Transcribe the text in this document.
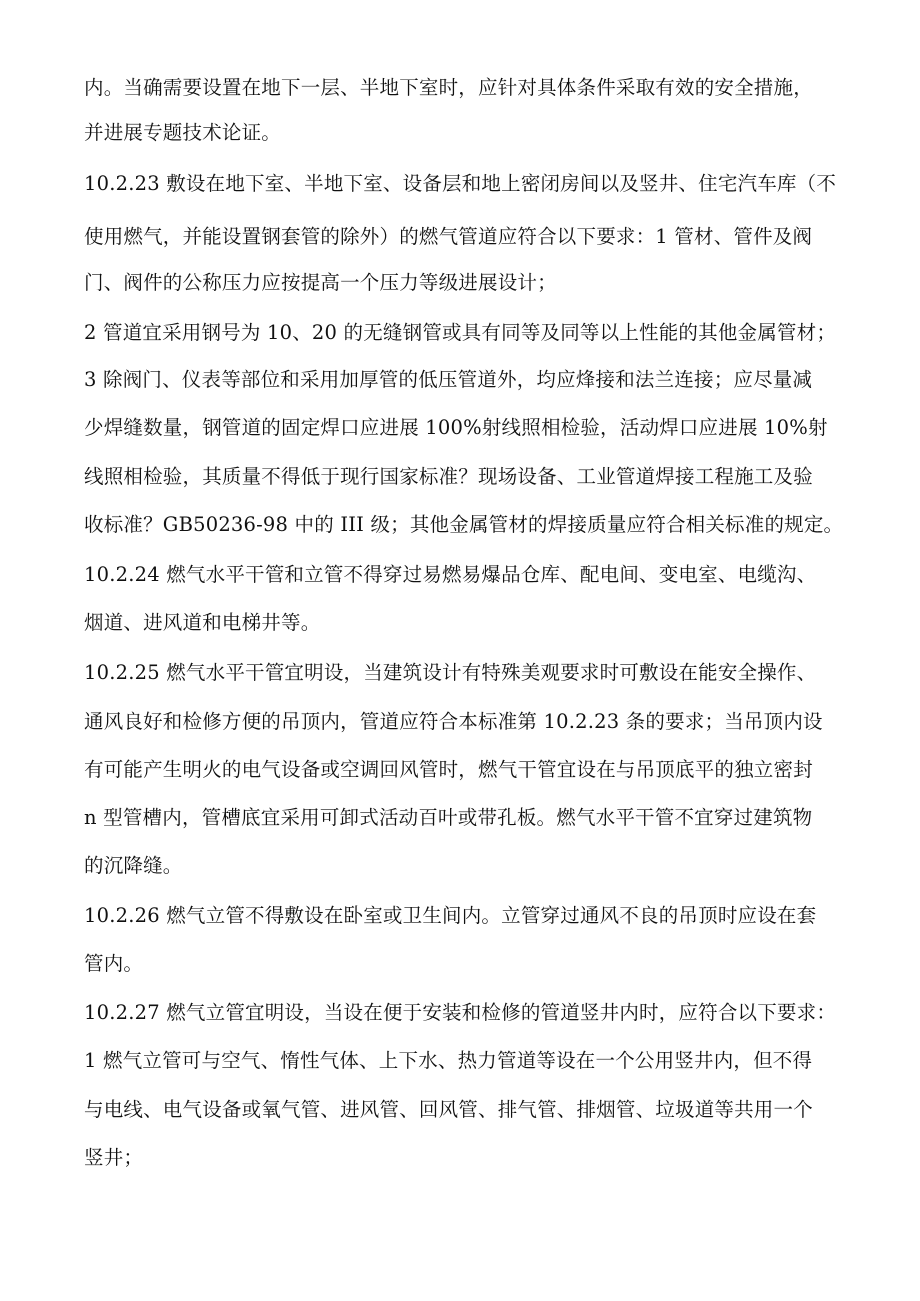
内。当确需要设置在地下一层、半地下室时，应针对具体条件采取有效的安全措施，
并进展专题技术论证。
10.2.23 敷设在地下室、半地下室、设备层和地上密闭房间以及竖井、住宅汽车库（不
使用燃气，并能设置钢套管的除外）的燃气管道应符合以下要求：1 管材、管件及阀
门、阀件的公称压力应按提高一个压力等级进展设计；
2 管道宜采用钢号为 10、20 的无缝钢管或具有同等及同等以上性能的其他金属管材；
3 除阀门、仪表等部位和采用加厚管的低压管道外，均应烽接和法兰连接；应尽量减
少焊缝数量，钢管道的固定焊口应进展 100%射线照相检验，活动焊口应进展 10%射
线照相检验，其质量不得低于现行国家标准？现场设备、工业管道焊接工程施工及验
收标准？GB50236-98 中的 III 级；其他金属管材的焊接质量应符合相关标准的规定。
10.2.24 燃气水平干管和立管不得穿过易燃易爆品仓库、配电间、变电室、电缆沟、
烟道、进风道和电梯井等。
10.2.25 燃气水平干管宜明设，当建筑设计有特殊美观要求时可敷设在能安全操作、
通风良好和检修方便的吊顶内，管道应符合本标准第 10.2.23 条的要求；当吊顶内设
有可能产生明火的电气设备或空调回风管时，燃气干管宜设在与吊顶底平的独立密封
n 型管槽内，管槽底宜采用可卸式活动百叶或带孔板。燃气水平干管不宜穿过建筑物
的沉降缝。
10.2.26 燃气立管不得敷设在卧室或卫生间内。立管穿过通风不良的吊顶时应设在套
管内。
10.2.27 燃气立管宜明设，当设在便于安装和检修的管道竖井内时，应符合以下要求：
1 燃气立管可与空气、惰性气体、上下水、热力管道等设在一个公用竖井内，但不得
与电线、电气设备或氧气管、进风管、回风管、排气管、排烟管、垃圾道等共用一个
竖井；
